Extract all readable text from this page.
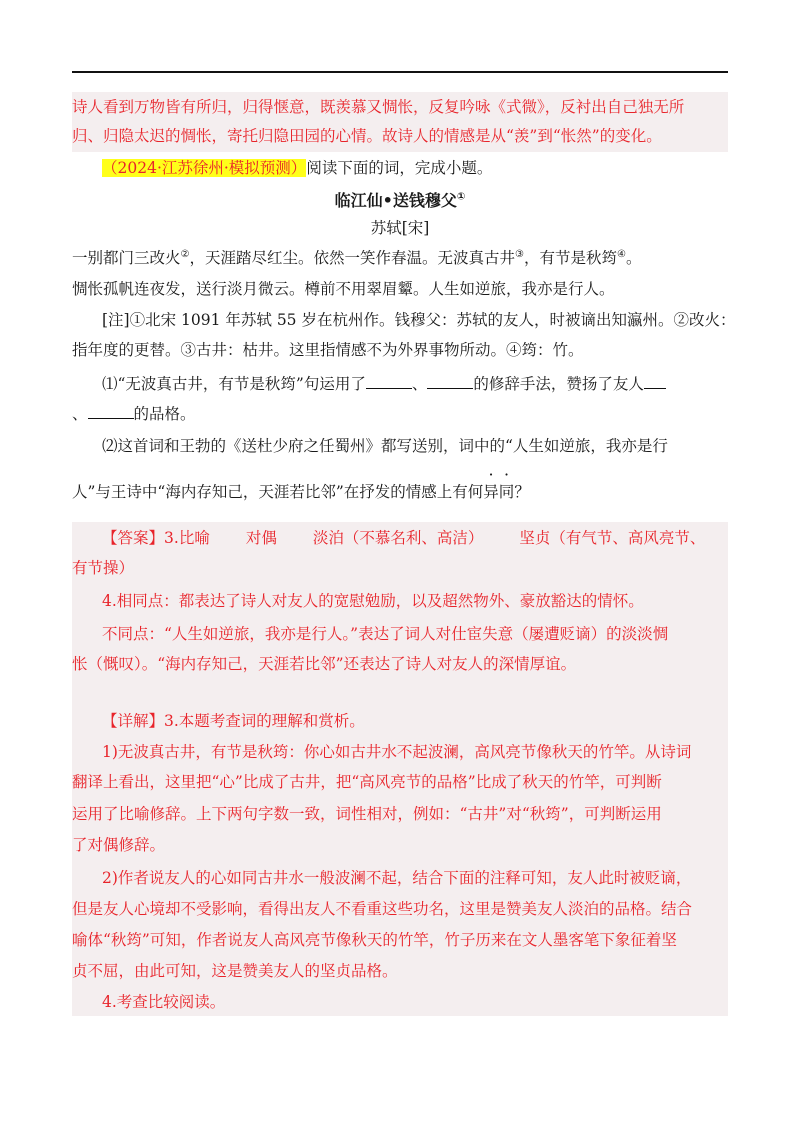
诗人看到万物皆有所归，归得惬意，既羡慕又惆怅，反复吟咏《式微》，反衬出自己独无所
归、归隐太迟的惆怅，寄托归隐田园的心情。故诗人的情感是从“羡”到“怅然”的变化。
（2024·江苏徐州·模拟预测）阅读下面的词，完成小题。
临江仙•送钱穆父①
苏轼[宋]
一别都门三改火②，天涯踏尽红尘。依然一笑作春温。无波真古井③，有节是秋筠④。
惆怅孤帆连夜发，送行淡月微云。樽前不用翠眉颦。人生如逆旅，我亦是行人。
[注]①北宋 1091 年苏轼 55 岁在杭州作。钱穆父：苏轼的友人，时被谪出知瀛州。②改火：
指年度的更替。③古井：枯井。这里指情感不为外界事物所动。④筠：竹。
⑴“无波真古井，有节是秋筠”句运用了	、	的修辞手法，赞扬了友人
、	的品格。
⑵这首词和王勃的《送杜少府之任蜀州》都写送别，词中的“人生如逆旅，我亦是行
人”与王诗中“海内存知己，天涯若比邻”在抒发的情感上有何异同？
【答案】3.比喻 对偶 淡泊（不慕名利、高洁） 坚贞（有气节、高风亮节、
有节操）
4.相同点：都表达了诗人对友人的宽慰勉励，以及超然物外、豪放豁达的情怀。
不同点：“人生如逆旅，我亦是行人。”表达了词人对仕宦失意（屡遭贬谪）的淡淡惆
怅（慨叹）。“海内存知己，天涯若比邻”还表达了诗人对友人的深情厚谊。
【详解】3.本题考查词的理解和赏析。
1)无波真古井，有节是秋筠：你心如古井水不起波澜，高风亮节像秋天的竹竿。从诗词
翻译上看出，这里把“心”比成了古井，把“高风亮节的品格”比成了秋天的竹竿，可判断
运用了比喻修辞。上下两句字数一致，词性相对，例如：“古井”对“秋筠”，可判断运用
了对偶修辞。
2)作者说友人的心如同古井水一般波澜不起，结合下面的注释可知，友人此时被贬谪，
但是友人心境却不受影响，看得出友人不看重这些功名，这里是赞美友人淡泊的品格。结合
喻体“秋筠”可知，作者说友人高风亮节像秋天的竹竿，竹子历来在文人墨客笔下象征着坚
贞不屈，由此可知，这是赞美友人的坚贞品格。
4.考查比较阅读。
